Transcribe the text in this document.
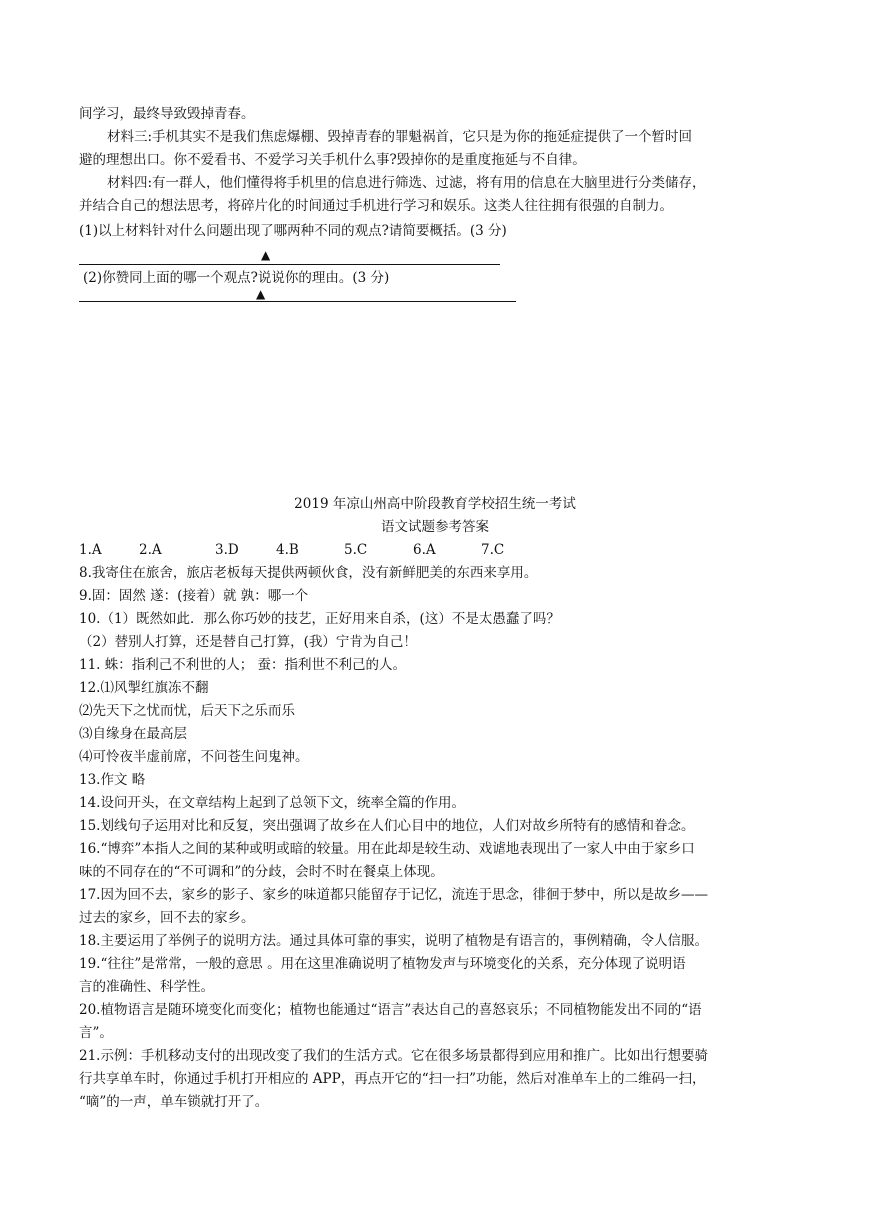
间学习，最终导致毁掉青春。
材料三:手机其实不是我们焦虑爆棚、毁掉青春的罪魁祸首，它只是为你的拖延症提供了一个暂时回
避的理想出口。你不爱看书、不爱学习关手机什么事?毁掉你的是重度拖延与不自律。
材料四:有一群人，他们懂得将手机里的信息进行筛选、过滤，将有用的信息在大脑里进行分类储存，
并结合自己的想法思考，将碎片化的时间通过手机进行学习和娱乐。这类人往往拥有很强的自制力。
(1)以上材料针对什么问题出现了哪两种不同的观点?请简要概括。(3 分)
▲
(2)你赞同上面的哪一个观点?说说你的理由。(3 分)
▲
2019 年凉山州高中阶段教育学校招生统一考试
语文试题参考答案
1.A	2.A	3.D	4.B	5.C	6.A	7.C
8.我寄住在旅舍，旅店老板每天提供两顿伙食，没有新鲜肥美的东西来享用。
9.固：固然 遂：(接着）就 孰：哪一个
10.（1）既然如此．那么你巧妙的技艺，正好用来自杀，(这）不是太愚蠢了吗？
（2）替别人打算，还是替自己打算，(我）宁肯为自己！
11. 蛛：指利己不利世的人； 蚕：指利世不利己的人。
12.⑴风掣红旗冻不翻
⑵先天下之忧而忧，后天下之乐而乐
⑶自缘身在最高层
⑷可怜夜半虚前席，不问苍生问鬼神。
13.作文 略
14.设问开头，在文章结构上起到了总领下文，统率全篇的作用。
15.划线句子运用对比和反复，突出强调了故乡在人们心目中的地位，人们对故乡所特有的感情和眷念。
16.“博弈”本指人之间的某种或明或暗的较量。用在此却是较生动、戏谑地表现出了一家人中由于家乡口
味的不同存在的“不可调和”的分歧，会时不时在餐桌上体现。
17.因为回不去，家乡的影子、家乡的味道都只能留存于记忆，流连于思念，徘徊于梦中，所以是故乡——
过去的家乡，回不去的家乡。
18.主要运用了举例子的说明方法。通过具体可靠的事实，说明了植物是有语言的，事例精确，令人信服。
19.“往往”是常常，一般的意思 。用在这里准确说明了植物发声与环境变化的关系，充分体现了说明语
言的准确性、科学性。
20.植物语言是随环境变化而变化；植物也能通过“语言”表达自己的喜怒哀乐；不同植物能发出不同的“语
言”。
21.示例：手机移动支付的出现改变了我们的生活方式。它在很多场景都得到应用和推广。比如出行想要骑
行共享单车时，你通过手机打开相应的 APP，再点开它的“扫一扫”功能，然后对准单车上的二维码一扫，
“嘀”的一声，单车锁就打开了。
